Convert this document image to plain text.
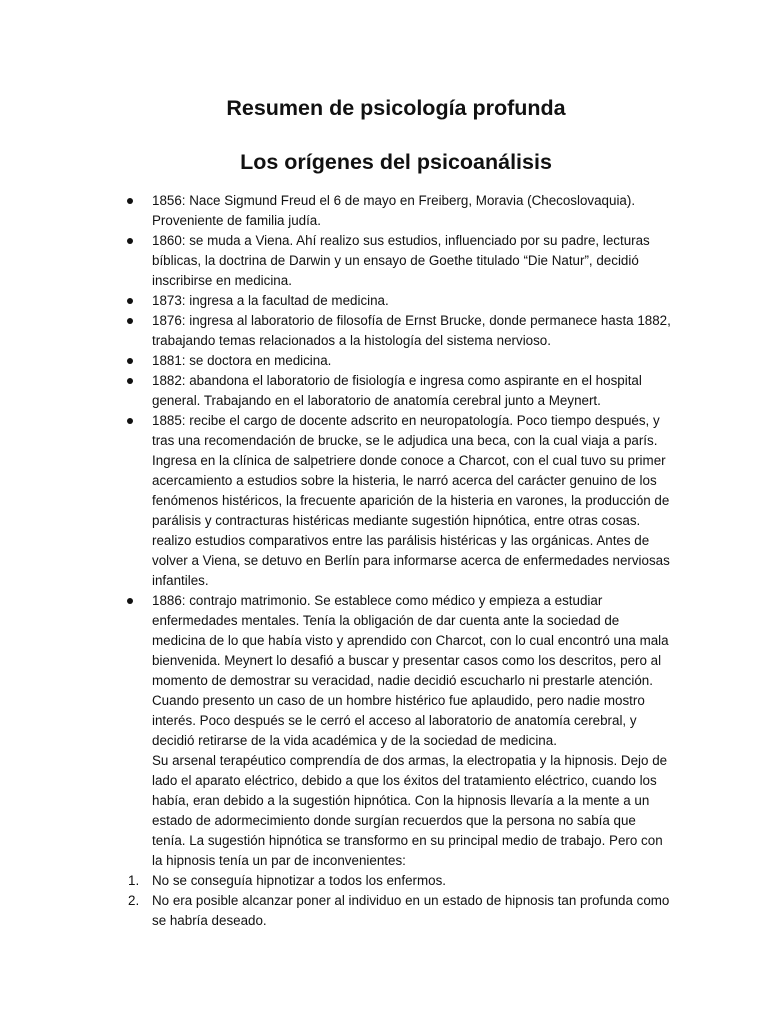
Resumen de psicología profunda
Los orígenes del psicoanálisis
1856: Nace Sigmund Freud el 6 de mayo en Freiberg, Moravia (Checoslovaquia). Proveniente de familia judía.
1860: se muda a Viena. Ahí realizo sus estudios, influenciado por su padre, lecturas bíblicas, la doctrina de Darwin y un ensayo de Goethe titulado “Die Natur”, decidió inscribirse en medicina.
1873: ingresa a la facultad de medicina.
1876: ingresa al laboratorio de filosofía de Ernst Brucke, donde permanece hasta 1882, trabajando temas relacionados a la histología del sistema nervioso.
1881: se doctora en medicina.
1882: abandona el laboratorio de fisiología e ingresa como aspirante en el hospital general. Trabajando en el laboratorio de anatomía cerebral junto a Meynert.
1885: recibe el cargo de docente adscrito en neuropatología. Poco tiempo después, y tras una recomendación de brucke, se le adjudica una beca, con la cual viaja a parís. Ingresa en la clínica de salpetriere donde conoce a Charcot, con el cual tuvo su primer acercamiento a estudios sobre la histeria, le narró acerca del carácter genuino de los fenómenos histéricos, la frecuente aparición de la histeria en varones, la producción de parálisis y contracturas histéricas mediante sugestión hipnótica, entre otras cosas. realizo estudios comparativos entre las parálisis histéricas y las orgánicas. Antes de volver a Viena, se detuvo en Berlín para informarse acerca de enfermedades nerviosas infantiles.
1886: contrajo matrimonio. Se establece como médico y empieza a estudiar enfermedades mentales. Tenía la obligación de dar cuenta ante la sociedad de medicina de lo que había visto y aprendido con Charcot, con lo cual encontró una mala bienvenida. Meynert lo desafió a buscar y presentar casos como los descritos, pero al momento de demostrar su veracidad, nadie decidió escucharlo ni prestarle atención. Cuando presento un caso de un hombre histérico fue aplaudido, pero nadie mostro interés. Poco después se le cerró el acceso al laboratorio de anatomía cerebral, y decidió retirarse de la vida académica y de la sociedad de medicina.
Su arsenal terapéutico comprendía de dos armas, la electropatia y la hipnosis. Dejo de lado el aparato eléctrico, debido a que los éxitos del tratamiento eléctrico, cuando los había, eran debido a la sugestión hipnótica. Con la hipnosis llevaría a la mente a un estado de adormecimiento donde surgían recuerdos que la persona no sabía que tenía. La sugestión hipnótica se transformo en su principal medio de trabajo. Pero con la hipnosis tenía un par de inconvenientes:
1. No se conseguía hipnotizar a todos los enfermos.
2. No era posible alcanzar poner al individuo en un estado de hipnosis tan profunda como se habría deseado.
